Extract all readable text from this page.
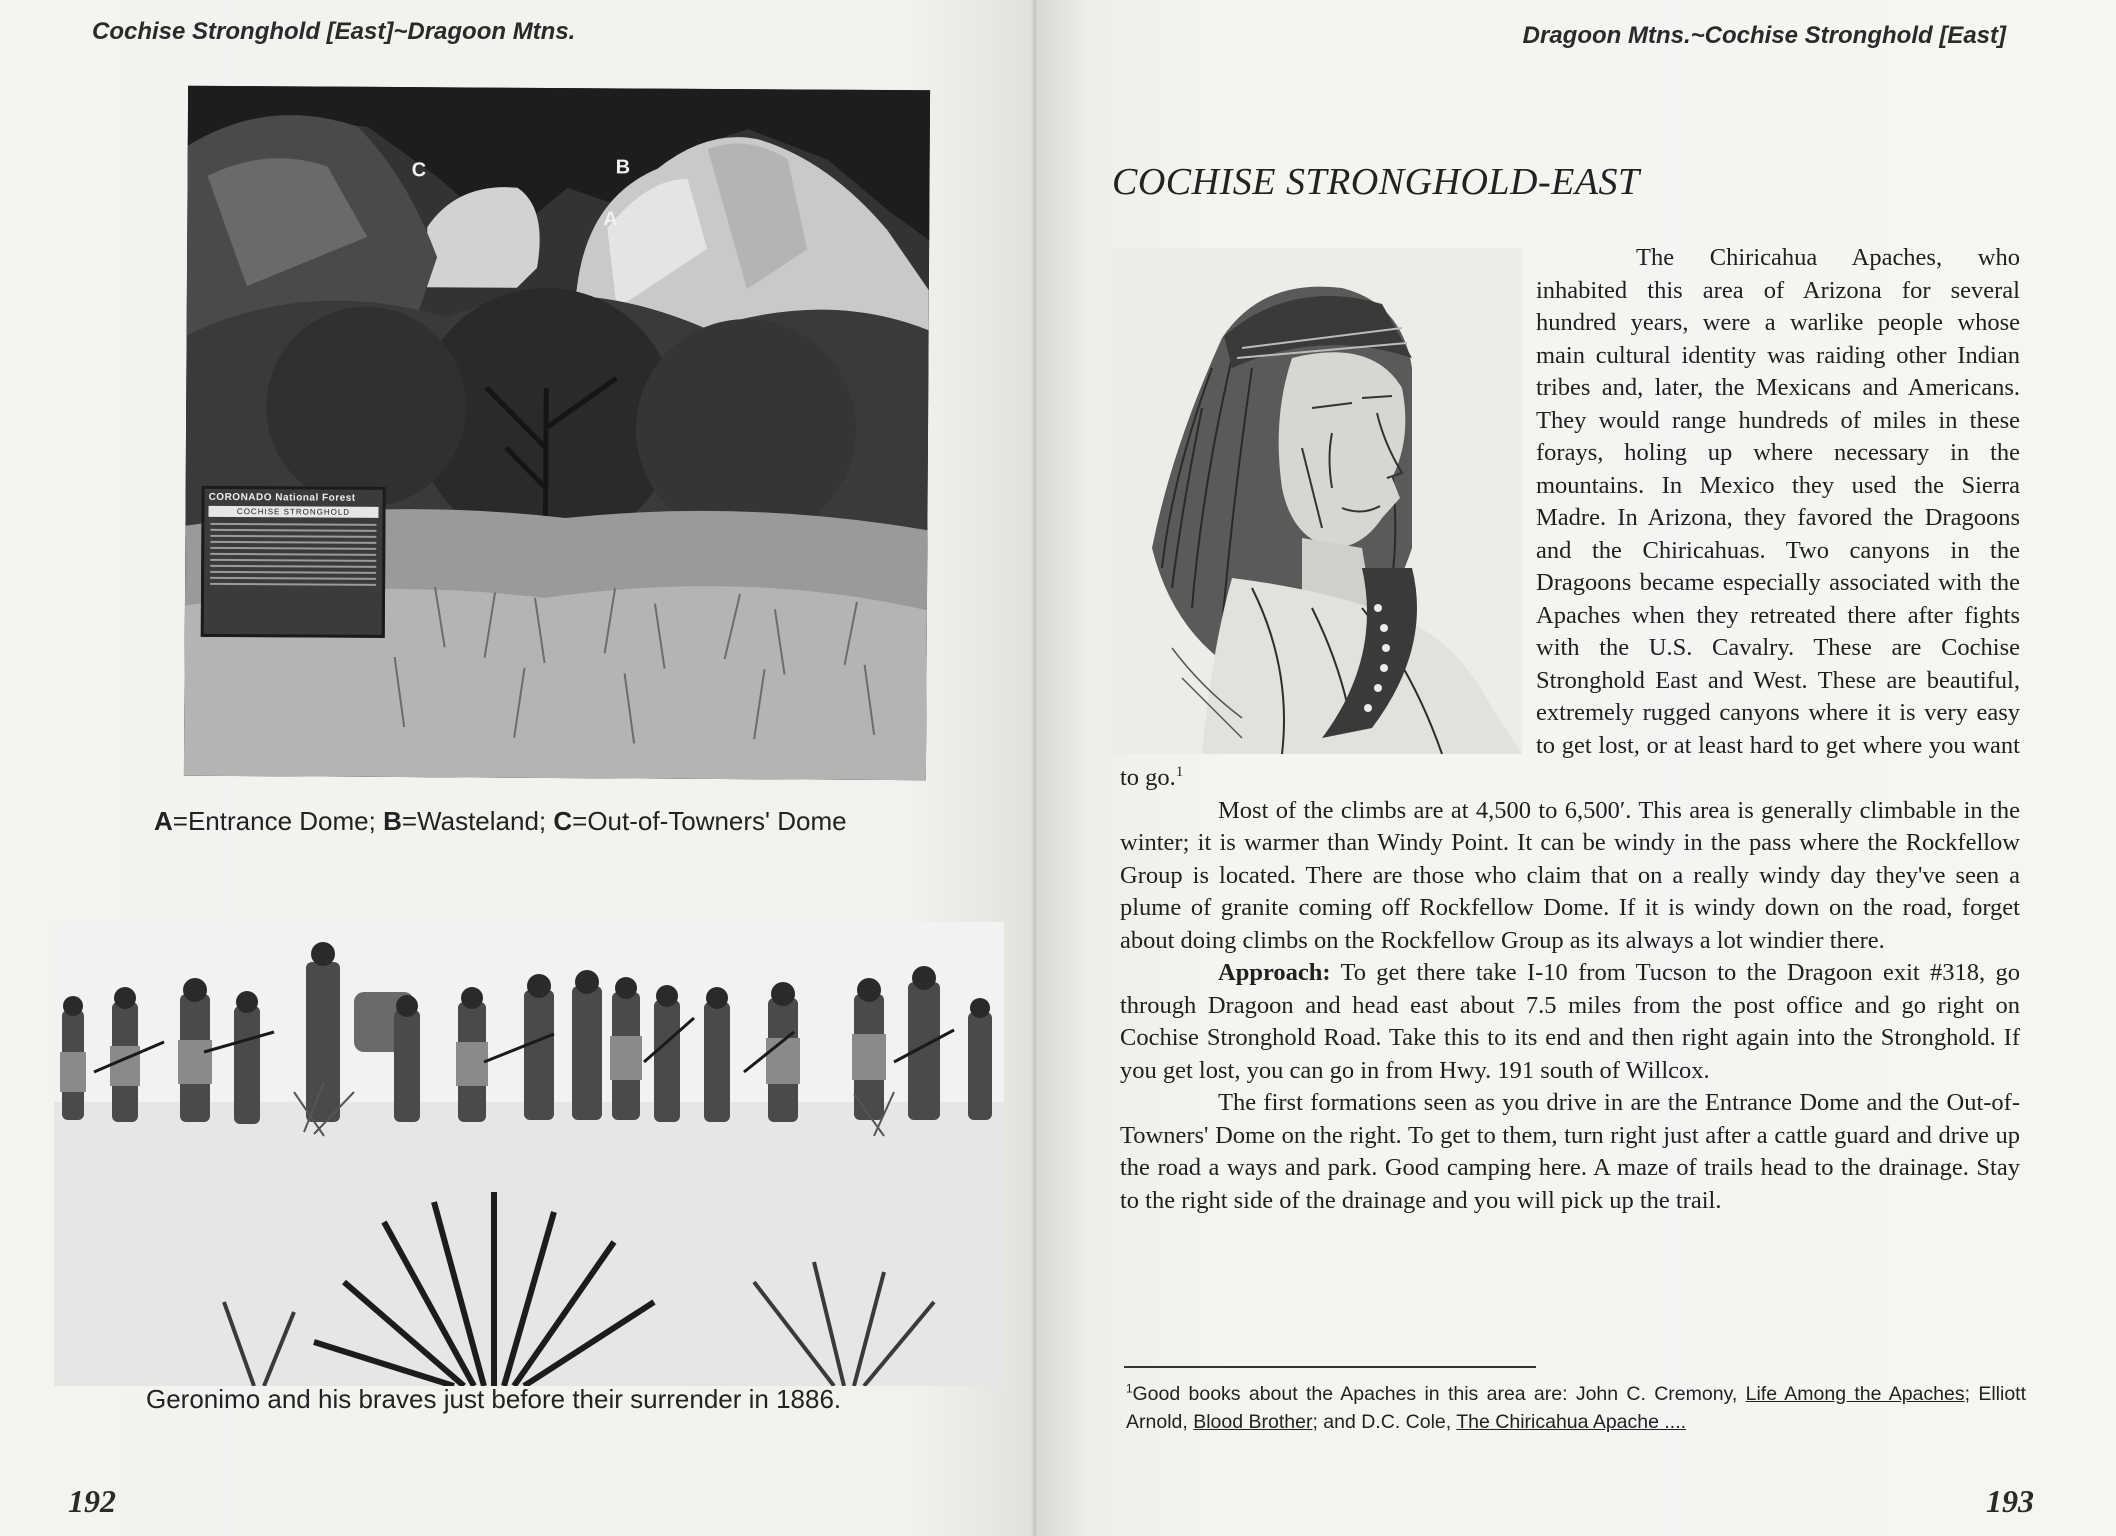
Cochise Stronghold [East]~Dragoon Mtns.
A
C	B
CORONADO National Forest
COCHISE STRONGHOLD
A=Entrance Dome; B=Wasteland; C=Out-of-Towners' Dome
Geronimo and his braves just before their surrender in 1886.
192
Dragoon Mtns.~Cochise Stronghold [East]
COCHISE STRONGHOLD-EAST

The Chiricahua Apaches, who inhabited this area of Arizona for several hundred years, were a warlike people whose main cultural identity was raiding other Indian tribes and, later, the Mexicans and Americans. They would range hundreds of miles in these forays, holing up where necessary in the mountains. In Mexico they used the Sierra Madre. In Arizona, they favored the Dragoons and the Chiricahuas. Two canyons in the Dragoons became especially associated with the Apaches when they retreated there after fights with the U.S. Cavalry. These are Cochise Stronghold East and West. These are beautiful, extremely rugged canyons where it is very easy to get lost, or at least hard to get where you want to go.$^1$

Most of the climbs are at 4,500 to 6,500′. This area is generally climbable in the winter; it is warmer than Windy Point. It can be windy in the pass where the Rockfellow Group is located. There are those who claim that on a really windy day they've seen a plume of granite coming off Rockfellow Dome. If it is windy down on the road, forget about doing climbs on the Rockfellow Group as its always a lot windier there.

Approach: To get there take I-10 from Tucson to the Dragoon exit #318, go through Dragoon and head east about 7.5 miles from the post office and go right on Cochise Stronghold Road. Take this to its end and then right again into the Stronghold. If you get lost, you can go in from Hwy. 191 south of Willcox.

The first formations seen as you drive in are the Entrance Dome and the Out-of-Towners' Dome on the right. To get to them, turn right just after a cattle guard and drive up the road a ways and park. Good camping here. A maze of trails head to the drainage. Stay to the right side of the drainage and you will pick up the trail.

$^1$Good books about the Apaches in this area are: John C. Cremony, Life Among the Apaches; Elliott Arnold, Blood Brother; and D.C. Cole, The Chiricahua Apache ....
193
